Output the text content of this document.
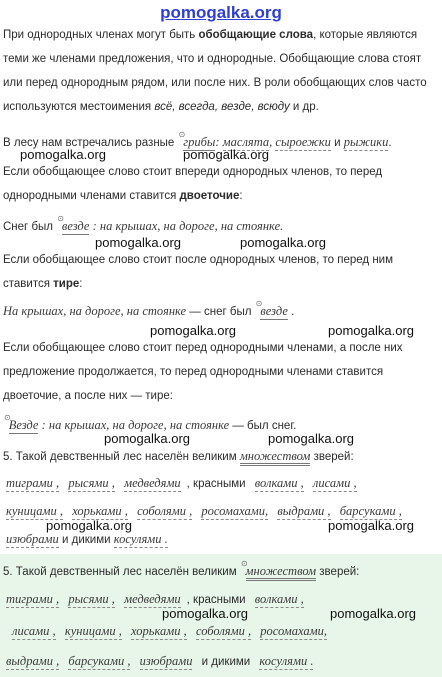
pomogalka.org
При однородных членах могут быть обобщающие слова, которые являются
теми же членами предложения, что и однородные. Обобщающие слова стоят
или перед однородным рядом, или после них. В роли обобщающих слов часто
используются местоимения всё, всегда, везде, всюду и др.
В лесу нам встречались разные ⊙грибы: маслята, сыроежки и рыжики.
pomogalka.org	pomogalka.org
Если обобщающее слово стоит впереди однородных членов, то перед
однородными членами ставится двоеточие:
Снег был ⊙везде : на крышах, на дороге, на стоянке.
pomogalka.org	pomogalka.org
Если обобщающее слово стоит после однородных членов, то перед ним
ставится тире:
На крышах, на дороге, на стоянке — снег был ⊙везде .
pomogalka.org	pomogalka.org
Если обобщающее слово стоит перед однородными членами, а после них
предложение продолжается, то перед однородными членами ставится
двоеточие, а после них — тире:
⊙Везде : на крышах, на дороге, на стоянке — был снег.
pomogalka.org	pomogalka.org
5. Такой девственный лес населён великим множеством зверей:
тиграми , рысями , медведями , красными волками , лисами ,
куницами , хорьками , соболями , росомахами, выдрами , барсуками ,
pomogalka.org	pomogalka.org
изюбрами и дикими косулями .
5. Такой девственный лес населён великим ⊙множеством зверей:
тиграми , рысями , медведями , красными волками ,
pomogalka.org	pomogalka.org
лисами , куницами , хорьками , соболями , росомахами,
выдрами , барсуками , изюбрами и дикими косулями .
